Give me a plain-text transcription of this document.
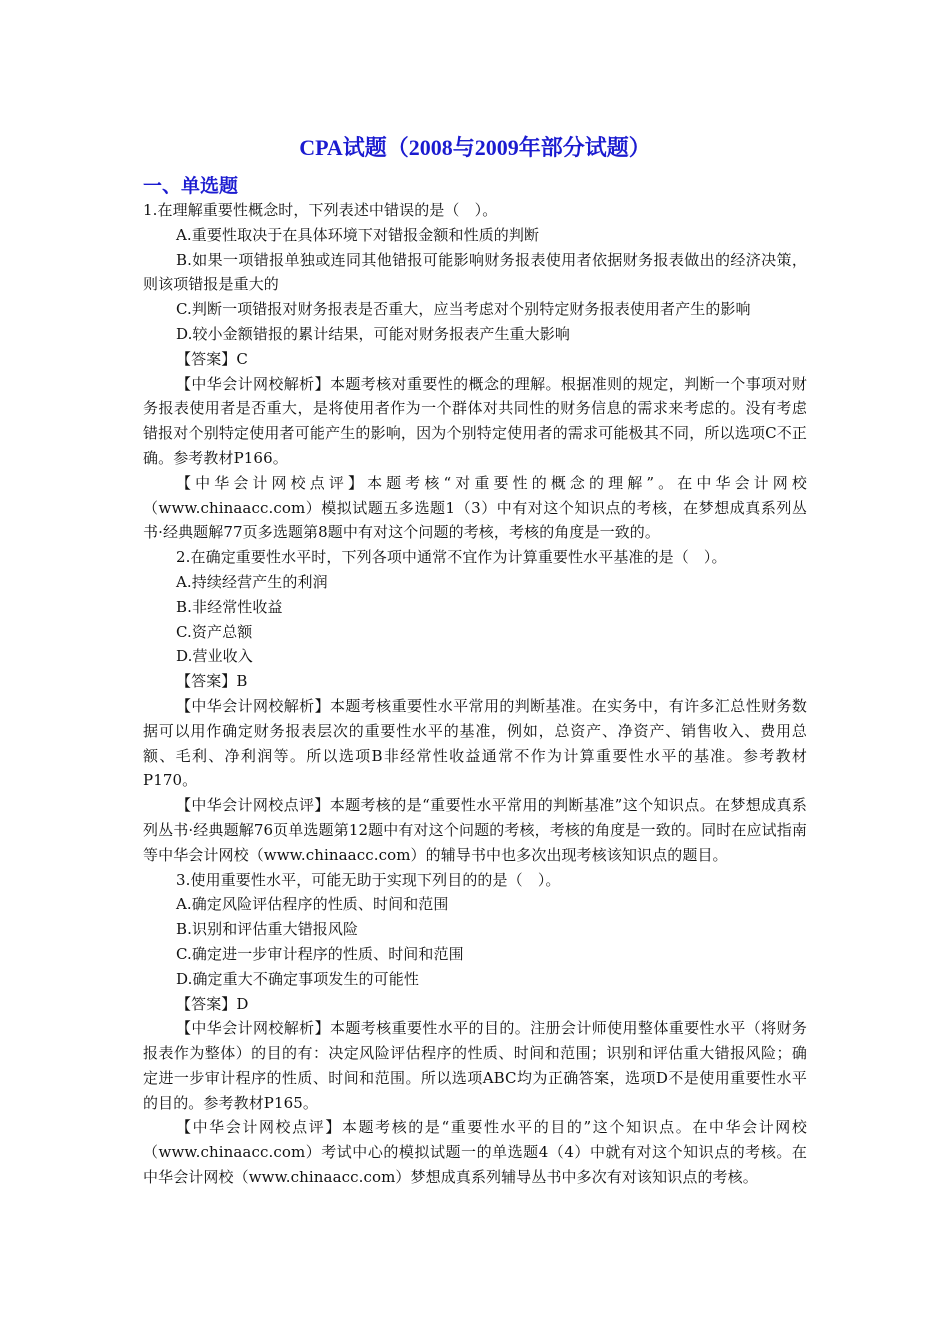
CPA试题（2008与2009年部分试题）
一、单选题

1.在理解重要性概念时，下列表述中错误的是（　）。

A.重要性取决于在具体环境下对错报金额和性质的判断

B.如果一项错报单独或连同其他错报可能影响财务报表使用者依据财务报表做出的经济决策，则该项错报是重大的

C.判断一项错报对财务报表是否重大，应当考虑对个别特定财务报表使用者产生的影响

D.较小金额错报的累计结果，可能对财务报表产生重大影响

【答案】C

【中华会计网校解析】本题考核对重要性的概念的理解。根据准则的规定，判断一个事项对财务报表使用者是否重大，是将使用者作为一个群体对共同性的财务信息的需求来考虑的。没有考虑错报对个别特定使用者可能产生的影响，因为个别特定使用者的需求可能极其不同，所以选项C不正确。参考教材P166。

【中华会计网校点评】本题考核“对重要性的概念的理解”。在中华会计网校（www.chinaacc.com）模拟试题五多选题1（3）中有对这个知识点的考核，在梦想成真系列丛书·经典题解77页多选题第8题中有对这个问题的考核，考核的角度是一致的。

2.在确定重要性水平时，下列各项中通常不宜作为计算重要性水平基准的是（　）。

A.持续经营产生的利润

B.非经常性收益

C.资产总额

D.营业收入

【答案】B

【中华会计网校解析】本题考核重要性水平常用的判断基准。在实务中，有许多汇总性财务数据可以用作确定财务报表层次的重要性水平的基准，例如，总资产、净资产、销售收入、费用总额、毛利、净利润等。所以选项B非经常性收益通常不作为计算重要性水平的基准。参考教材P170。

【中华会计网校点评】本题考核的是“重要性水平常用的判断基准”这个知识点。在梦想成真系列丛书·经典题解76页单选题第12题中有对这个问题的考核，考核的角度是一致的。同时在应试指南等中华会计网校（www.chinaacc.com）的辅导书中也多次出现考核该知识点的题目。

3.使用重要性水平，可能无助于实现下列目的的是（　）。

A.确定风险评估程序的性质、时间和范围

B.识别和评估重大错报风险

C.确定进一步审计程序的性质、时间和范围

D.确定重大不确定事项发生的可能性

【答案】D

【中华会计网校解析】本题考核重要性水平的目的。注册会计师使用整体重要性水平（将财务报表作为整体）的目的有：决定风险评估程序的性质、时间和范围；识别和评估重大错报风险；确定进一步审计程序的性质、时间和范围。所以选项ABC均为正确答案，选项D不是使用重要性水平的目的。参考教材P165。

【中华会计网校点评】本题考核的是“重要性水平的目的”这个知识点。在中华会计网校（www.chinaacc.com）考试中心的模拟试题一的单选题4（4）中就有对这个知识点的考核。在中华会计网校（www.chinaacc.com）梦想成真系列辅导丛书中多次有对该知识点的考核。
